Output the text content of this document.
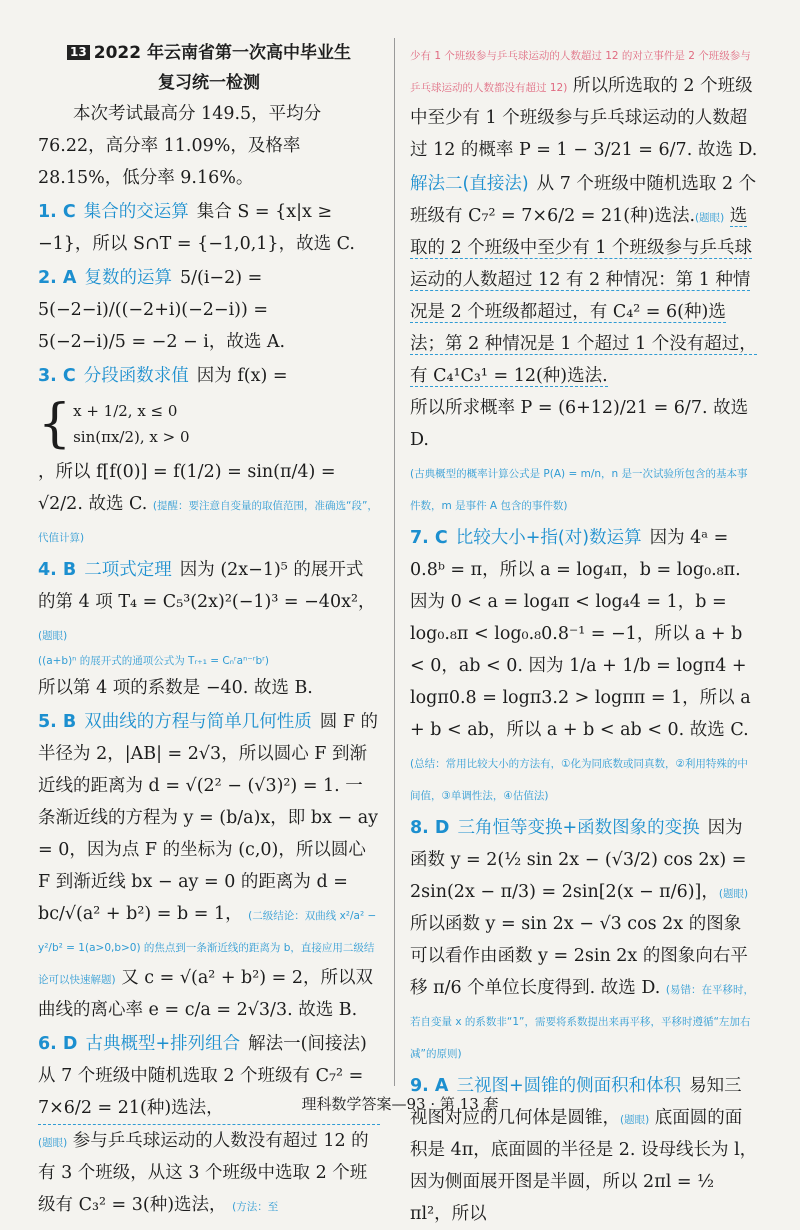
13 2022 年云南省第一次高中毕业生
复习统一检测
本次考试最高分 149.5，平均分 76.22，高分率 11.09%，及格率 28.15%，低分率 9.16%。
1. C 集合的交运算 集合 S = {x|x ≥ −1}，所以 S∩T = {−1,0,1}，故选 C.
2. A 复数的运算 5/(i−2) = 5(−2−i)/((−2+i)(−2−i)) =
5(−2−i)/5 = −2 − i，故选 A.
3. C 分段函数求值 因为 f(x) =
{ x + 1/2, x ≤ 0
sin(πx/2), x > 0
，所以 f[f(0)] = f(1/2) = sin(π/4) =
√2/2. 故选 C. (提醒：要注意自变量的取值范围，准确选“段”，代值计算)
4. B 二项式定理 因为 (2x−1)⁵ 的展开式的第 4 项 T₄ = C₅³(2x)²(−1)³ = −40x²，(题眼)
((a+b)ⁿ 的展开式的通项公式为 Tᵣ₊₁ = Cₙʳaⁿ⁻ʳbʳ)
所以第 4 项的系数是 −40. 故选 B.
5. B 双曲线的方程与简单几何性质 圆 F 的半径为 2，|AB| = 2√3，所以圆心 F 到渐近线的距离为 d = √(2² − (√3)²) = 1. 一条渐近线的方程为 y = (b/a)x，即 bx − ay = 0，因为点 F 的坐标为 (c,0)，所以圆心 F 到渐近线 bx − ay = 0 的距离为 d = bc/√(a² + b²) = b = 1， (二级结论：双曲线 x²/a² − y²/b² = 1(a>0,b>0) 的焦点到一条渐近线的距离为 b，直接应用二级结论可以快速解题) 又 c = √(a² + b²) = 2，所以双曲线的离心率 e = c/a = 2√3/3. 故选 B.
6. D 古典概型+排列组合 解法一(间接法)
从 7 个班级中随机选取 2 个班级有 C₇² = 7×6/2 = 21(种)选法，
(题眼) 参与乒乓球运动的人数没有超过 12 的有 3 个班级，从这 3 个班级中选取 2 个班级有 C₃² = 3(种)选法， (方法：至
少有 1 个班级参与乒乓球运动的人数超过 12 的对立事件是 2 个班级参与乒乓球运动的人数都没有超过 12) 所以所选取的 2 个班级中至少有 1 个班级参与乒乓球运动的人数超过 12 的概率 P = 1 − 3/21 = 6/7. 故选 D.
解法二(直接法) 从 7 个班级中随机选取 2 个班级有 C₇² = 7×6/2 = 21(种)选法.(题眼) 选取的 2 个班级中至少有 1 个班级参与乒乓球运动的人数超过 12 有 2 种情况：第 1 种情况是 2 个班级都超过，有 C₄² = 6(种)选法；第 2 种情况是 1 个超过 1 个没有超过，有 C₄¹C₃¹ = 12(种)选法.
所以所求概率 P = (6+12)/21 = 6/7. 故选 D.
(古典概型的概率计算公式是 P(A) = m/n，n 是一次试验所包含的基本事件数，m 是事件 A 包含的事件数)
7. C 比较大小+指(对)数运算 因为 4ᵃ = 0.8ᵇ = π，所以 a = log₄π，b = log₀.₈π. 因为 0 < a = log₄π < log₄4 = 1，b = log₀.₈π < log₀.₈0.8⁻¹ = −1，所以 a + b < 0，ab < 0. 因为 1/a + 1/b = logπ4 + logπ0.8 = logπ3.2 > logππ = 1，所以 a + b < ab，所以 a + b < ab < 0. 故选 C. (总结：常用比较大小的方法有，①化为同底数或同真数，②利用特殊的中间值，③单调性法，④估值法)
8. D 三角恒等变换+函数图象的变换 因为函数 y = 2(½ sin 2x − (√3/2) cos 2x) = 2sin(2x − π/3) = 2sin[2(x − π/6)]，(题眼) 所以函数 y = sin 2x − √3 cos 2x 的图象可以看作由函数 y = 2sin 2x 的图象向右平移 π/6 个单位长度得到. 故选 D. (易错：在平移时，若自变量 x 的系数非“1”，需要将系数提出来再平移，平移时遵循“左加右减”的原则)
9. A 三视图+圆锥的侧面积和体积 易知三视图对应的几何体是圆锥，(题眼) 底面圆的面积是 4π，底面圆的半径是 2. 设母线长为 l，因为侧面展开图是半圆，所以 2πl = ½ πl²，所以
理科数学答案—93 · 第 13 套
